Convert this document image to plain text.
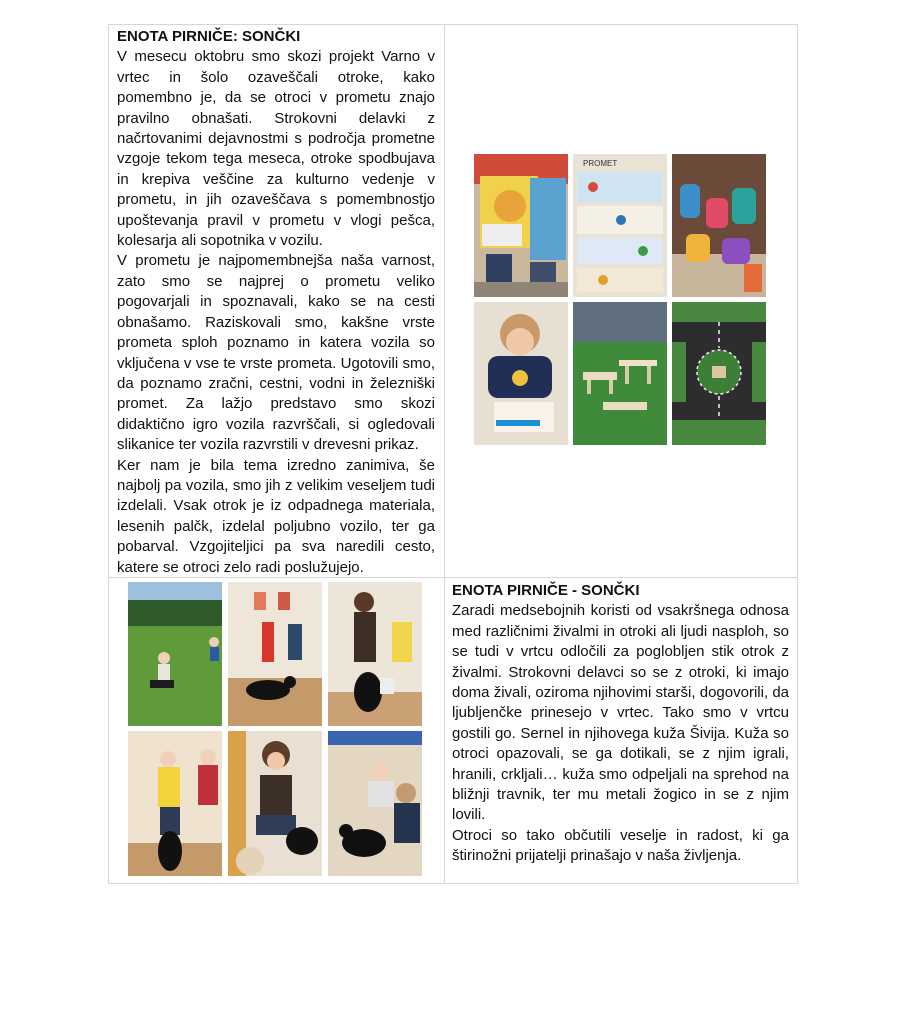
ENOTA PIRNIČE: SONČKI

V mesecu oktobru smo skozi projekt Varno v vrtec in šolo ozaveščali otroke, kako pomembno je, da se otroci v prometu znajo pravilno obnašati. Strokovni delavki z načrtovanimi dejavnostmi s področja prometne vzgoje tekom tega meseca, otroke spodbujava in krepiva veščine za kulturno vedenje v prometu, in jih ozaveščava s pomembnostjo upoštevanja pravil v prometu v vlogi pešca, kolesarja ali sopotnika v vozilu.

V prometu je najpomembnejša naša varnost, zato smo se najprej o prometu veliko pogovarjali in spoznavali, kako se na cesti obnašamo. Raziskovali smo, kakšne vrste prometa sploh poznamo in katera vozila so vključena v vse te vrste prometa. Ugotovili smo, da poznamo zračni, cestni, vodni in železniški promet. Za lažjo predstavo smo skozi didaktično igro vozila razvrščali, si ogledovali slikanice ter vozila razvrstili v drevesni prikaz.

Ker nam je bila tema izredno zanimiva, še najbolj pa vozila, smo jih z velikim veseljem tudi izdelali. Vsak otrok je iz odpadnega materiala, lesenih palčk, izdelal poljubno vozilo, ter ga pobarval. Vzgojiteljici pa sva naredili cesto, katere se otroci zelo radi poslužujejo.

ENOTA PIRNIČE - SONČKI

Zaradi medsebojnih koristi od vsakršnega odnosa med različnimi živalmi in otroki ali ljudi nasploh, so se tudi v vrtcu odločili za poglobljen stik otrok z živalmi. Strokovni delavci so se z otroki, ki imajo doma živali, oziroma njihovimi starši, dogovorili, da ljubljenčke prinesejo v vrtec. Tako smo v vrtcu gostili go. Sernel in njihovega kuža Šivija. Kuža so otroci opazovali, se ga dotikali, se z njim igrali, hranili, crkljali… kuža smo odpeljali na sprehod na bližnji travnik, ter mu metali žogico in se z njim lovili.

Otroci so tako občutili veselje in radost, ki ga štirinožni prijatelji prinašajo v naša življenja.

PROMET
